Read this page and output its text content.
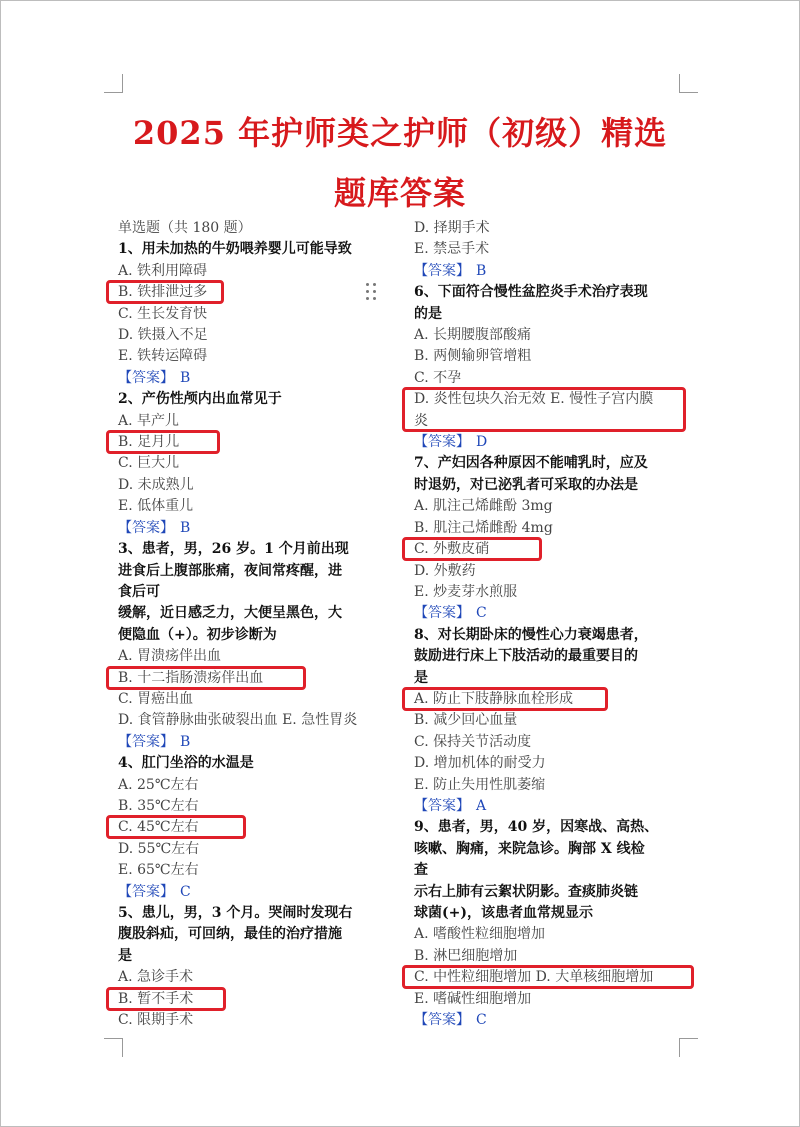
2025 年护师类之护师（初级）精选
题库答案
单选题（共 180 题）
1、用未加热的牛奶喂养婴儿可能导致
A. 铁利用障碍
B. 铁排泄过多
C. 生长发育快
D. 铁摄入不足
E. 铁转运障碍
【答案】 B
2、产伤性颅内出血常见于
A. 早产儿
B. 足月儿
C. 巨大儿
D. 未成熟儿
E. 低体重儿
【答案】 B
3、患者，男，26 岁。1 个月前出现
进食后上腹部胀痛，夜间常疼醒，进
食后可
缓解，近日感乏力，大便呈黑色，大
便隐血（+）。初步诊断为
A. 胃溃疡伴出血
B. 十二指肠溃疡伴出血
C. 胃癌出血
D. 食管静脉曲张破裂出血 E. 急性胃炎
【答案】 B
4、肛门坐浴的水温是
A. 25℃左右
B. 35℃左右
C. 45℃左右
D. 55℃左右
E. 65℃左右
【答案】 C
5、患儿，男，3 个月。哭闹时发现右
腹股斜疝，可回纳，最佳的治疗措施
是
A. 急诊手术
B. 暂不手术
C. 限期手术
D. 择期手术
E. 禁忌手术
【答案】 B
6、下面符合慢性盆腔炎手术治疗表现
的是
A. 长期腰腹部酸痛
B. 两侧输卵管增粗
C. 不孕
D. 炎性包块久治无效 E. 慢性子宫内膜
炎
【答案】 D
7、产妇因各种原因不能哺乳时，应及
时退奶，对已泌乳者可采取的办法是
A. 肌注己烯雌酚 3mg
B. 肌注己烯雌酚 4mg
C. 外敷皮硝
D. 外敷药
E. 炒麦芽水煎服
【答案】 C
8、对长期卧床的慢性心力衰竭患者，
鼓励进行床上下肢活动的最重要目的
是
A. 防止下肢静脉血栓形成
B. 减少回心血量
C. 保持关节活动度
D. 增加机体的耐受力
E. 防止失用性肌萎缩
【答案】 A
9、患者，男，40 岁，因寒战、高热、
咳嗽、胸痛，来院急诊。胸部 X 线检
查
示右上肺有云絮状阴影。查痰肺炎链
球菌(+)，该患者血常规显示
A. 嗜酸性粒细胞增加
B. 淋巴细胞增加
C. 中性粒细胞增加 D. 大单核细胞增加
E. 嗜碱性细胞增加
【答案】 C
